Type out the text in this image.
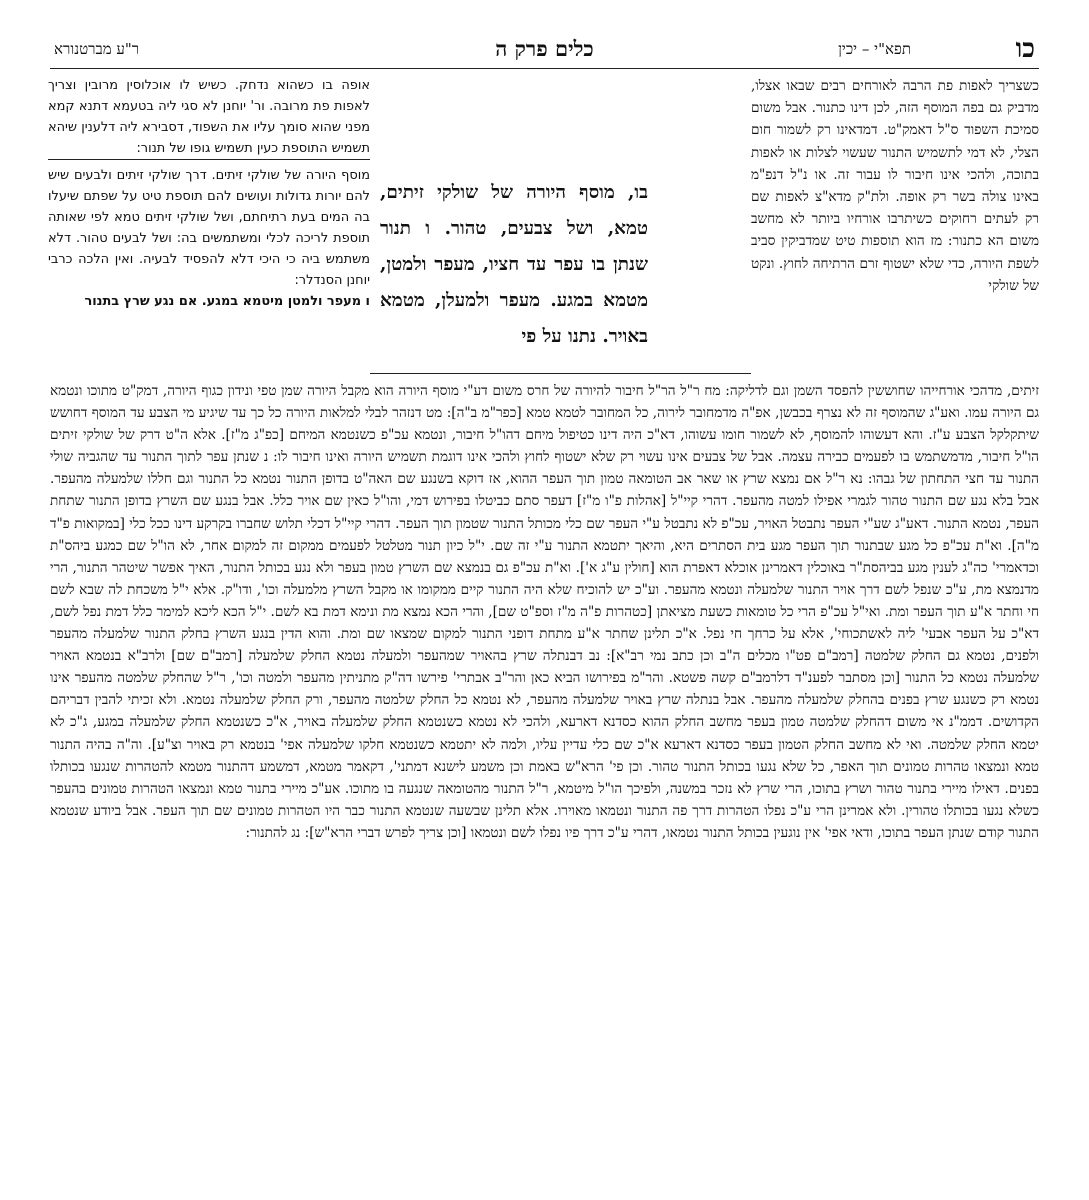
כו
תפא"י – יכין
כלים פרק ה
ר"ע מברטנורא

כשצריך לאפות פת הרבה לאורחים רבים שבאו אצלו, מדביק גם בפה המוסף הזה, לכן דינו כתנור. אבל משום סמיכת השפוד ס"ל דאמק"ט. דמדאינו רק לשמור חום הצלי, לא דמי לתשמיש התנור שעשוי לצלות או לאפות בתוכה, ולהכי אינו חיבור לו עבור זה. או נ"ל דנפ"מ באינו צולה בשר רק אופה. ולת"ק מדא"צ לאפות שם רק לעתים רחוקים כשיתרבו אורחיו ביותר לא מחשב משום הא כתנור: מז הוא תוספות טיט שמדביקין סביב לשפת היורה, כדי שלא ישטוף זרם הרתיחה לחוץ. ונקט של שולקי

אופה בו כשהוא נדחק. כשיש לו אוכלוסין מרובין וצריך לאפות פת מרובה. ור' יוחנן לא סגי ליה בטעמא דתנא קמא מפני שהוא סומך עליו את השפוד, דסבירא ליה דלענין שיהא תשמיש התוספת כעין תשמיש גופו של תנור:

מוסף היורה של שולקי זיתים. דרך שולקי זיתים ולבעים שיש להם יורות גדולות ועושים להם תוספת טיט על שפתם שיעלו בה המים בעת רתיחתם, ושל שולקי זיתים טמא לפי שאותה תוספת לריכה לכלי ומשתמשים בה: ושל לבעים טהור. דלא משתמש ביה כי היכי דלא להפסיד לבעיה. ואין הלכה כרבי יוחנן הסנדלר:

ו מעפר ולמטן מיטמא במגע. אם נגע שרץ בתנור

בו, מוסף היורה של שולקי זיתים, טמא, ושל צבעים, טהור. ו תנור שנתן בו עפר עד חציו, מעפר ולמטן, מטמא במגע. מעפר ולמעלן, מטמא באויר. נתנו על פי

זיתים, מדהכי אורחייהו שחוששין להפסד השמן וגם לדליקה: מח ר"ל הר"ל חיבור להיורה של חרס משום דע"י מוסף היורה הוא מקבל היורה שמן טפי ונידון כגוף היורה, דמק"ט מתוכו ונטמא גם היורה עמו. ואע"ג שהמוסף זה לא נצרף בכבשן, אפ"ה מדמחובר לירוה, כל המחובר לטמא טמא [כפר"מ ב"ה]: מט דנזהר לבלי למלאות היורה כל כך עד שיגיע מי הצבע עד המוסף דחושש שיתקלקל הצבע ע"ז. והא דעשוהו להמוסף, לא לשמור חומו עשוהו, דא"כ היה דינו כטיפול מיחם דהו"ל חיבור, ונטמא עכ"פ כשנטמא המיחם [כפ"ג מ"ז]. אלא ה"ט דרק של שולקי זיתים הו"ל חיבור, מדמשתמש בו לפעמים כבירה עצמה. אבל של צבעים אינו עשוי רק שלא ישטוף לחוץ ולהכי אינו דוגמת תשמיש היורה ואינו חיבור לו: נ שנתן עפר לתוך התנור עד שהגביה שולי התנור עד חצי התחתון של גבהו: נא ר"ל אם נמצא שרץ או שאר אב הטומאה טמון תוך העפר ההוא, אז דוקא בשנגע שם האה"ט בדופן התנור נטמא כל התנור וגם חללו שלמעלה מהעפר. אבל בלא נגע שם התנור טהור לגמרי אפילו למטה מהעפר. דהרי קיי"ל [אהלות פ"ו מ"ז] דעפר סתם כביטלו בפירוש דמי, והו"ל כאין שם אויר כלל. אבל בנגע שם השרץ בדופן התנור שתחת העפר, נטמא התנור. דאע"ג שע"י העפר נתבטל האויר, עכ"פ לא נתבטל ע"י העפר שם כלי מכותל התנור שטמון תוך העפר. דהרי קיי"ל דכלי תלוש שחברו בקרקע דינו ככל כלי [במקואות פ"ד מ"ה]. וא"ת עכ"פ כל מגע שבתנור תוך העפר מגע בית הסתרים היא, והיאך יתטמא התנור ע"י זה שם. י"ל כיון תנור מטלטל לפעמים ממקום זה למקום אחר, לא הו"ל שם כמגע ביהס"ת וכדאמרי' כה"ג לענין מגע בביהסת"ר באוכלין דאמרינן אוכלא דאפרת הוא [חולין ע"ג א']. וא"ת עכ"פ גם בנמצא שם השרץ טמון בעפר ולא נגע בכותל התנור, האיך אפשר שיטהר התנור, הרי מדנמצא מת, ע"כ שנפל לשם דרך אויר התנור שלמעלה ונטמא מהעפר. וע"כ יש להוכיח שלא היה התנור קיים ממקומו או מקבל השרץ מלמעלה וכו', ודו"ק. אלא י"ל משכחת לה שבא לשם חי וחתר א"ע תוך העפר ומת. ואי"ל עכ"פ הרי כל טומאות כשעת מציאתן [כטהרות פ"ה מ"ז וספ"ט שם], והרי הכא נמצא מת ונימא דמת בא לשם. י"ל הכא ליכא למימר כלל דמת נפל לשם, דא"כ על העפר אבעי' ליה לאשתכוחי', אלא על כרחך חי נפל. א"כ תלינן שחתר א"ע מתחת דופני התנור למקום שמצאו שם ומת. והוא הדין בנגע השרץ בחלק התנור שלמעלה מהעפר ולפנים, נטמא גם החלק שלמטה [רמב"ם פט"ו מכלים ה"ב וכן כתב נמי רב"א]: נב דבנתלה שרץ בהאויר שמהעפר ולמעלה נטמא החלק שלמעלה [רמב"ם שם] ולרב"א בנטמא האויר שלמעלה נטמא כל התנור [וכן מסתבר לפענ"ד דלרמב"ם קשה פשטא. והר"מ בפירושו הביא כאן והר"ב אבתרי' פירשו דה"ק מתניתין מהעפר ולמטה וכו', ר"ל שהחלק שלמטה מהעפר אינו נטמא רק כשנגע שרץ בפנים בהחלק שלמעלה מהעפר. אבל בנתלה שרץ באויר שלמעלה מהעפר, לא נטמא כל החלק שלמטה מהעפר, ורק החלק שלמעלה נטמא. ולא זכיתי להבין דבריהם הקדושים. דממ"נ אי משום דהחלק שלמטה טמון בעפר מחשב החלק ההוא כסדנא דארעא, ולהכי לא נטמא כשנטמא החלק שלמעלה באויר, א"כ כשנטמא החלק שלמעלה במגע, ג"כ לא יטמא החלק שלמטה. ואי לא מחשב החלק הטמון בעפר כסדנא דארעא א"כ שם כלי עדיין עליו, ולמה לא יתטמא כשנטמא חלקו שלמעלה אפי' בנטמא רק באויר וצ"ע]. וה"ה בהיה התנור טמא ונמצאו טהרות טמונים תוך האפר, כל שלא נגעו בכותל התנור טהור. וכן פי' הרא"ש באמת וכן משמע לישנא דמתני', דקאמר מטמא, דמשמע דהתנור מטמא להטהרות שנגעו בכותלו בפנים. דאילו מיירי בתנור טהור ושרץ בתוכו, הרי שרץ לא נזכר במשנה, ולפיכך הו"ל מיטמא, ר"ל התנור מהטומאה שנגעה בו מתוכו. אע"כ מיירי בתנור טמא ונמצאו הטהרות טמונים בהעפר כשלא נגעו בכותלו טהורין. ולא אמרינן הרי ע"כ נפלו הטהרות דרך פה התנור ונטמאו מאוירו. אלא תלינן שבשעה שנטמא התנור כבר היו הטהרות טמונים שם תוך העפר. אבל ביודע שנטמא התנור קודם שנתן העפר בתוכו, ודאי אפי' אין נוגעין בכותל התנור נטמאו, דהרי ע"כ דרך פיו נפלו לשם ונטמאו [וכן צריך לפרש דברי הרא"ש]: נג להתנור:
